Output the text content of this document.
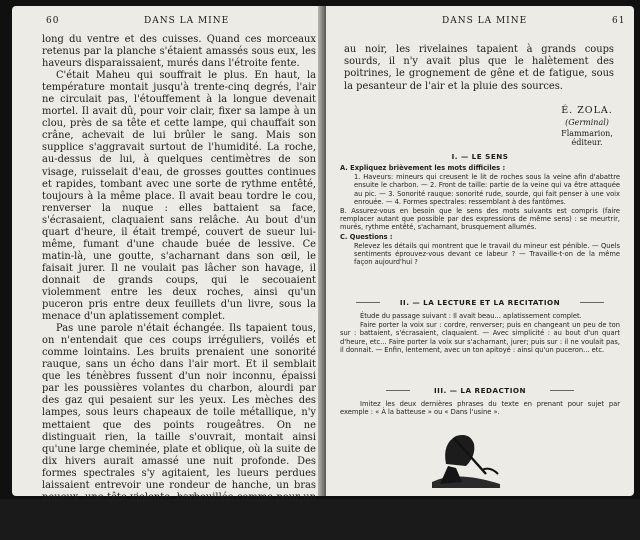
60	DANS LA MINE

long du ventre et des cuisses. Quand ces morceaux retenus par la planche s'étaient amassés sous eux, les haveurs disparaissaient, murés dans l'étroite fente.

C'était Maheu qui souffrait le plus. En haut, la température montait jusqu'à trente-cinq degrés, l'air ne circulait pas, l'étouffement à la longue devenait mortel. Il avait dû, pour voir clair, fixer sa lampe à un clou, près de sa tête et cette lampe, qui chauffait son crâne, achevait de lui brûler le sang. Mais son supplice s'aggravait surtout de l'humidité. La roche, au-dessus de lui, à quelques centimètres de son visage, ruisselait d'eau, de grosses gouttes continues et rapides, tombant avec une sorte de rythme entêté, toujours à la même place. Il avait beau tordre le cou, renverser la nuque : elles battaient sa face, s'écrasaient, claquaient sans relâche. Au bout d'un quart d'heure, il était trempé, couvert de sueur lui-même, fumant d'une chaude buée de lessive. Ce matin-là, une goutte, s'acharnant dans son œil, le faisait jurer. Il ne voulait pas lâcher son havage, il donnait de grands coups, qui le secouaient violemment entre les deux roches, ainsi qu'un puceron pris entre deux feuillets d'un livre, sous la menace d'un aplatissement complet.

Pas une parole n'était échangée. Ils tapaient tous, on n'entendait que ces coups irréguliers, voilés et comme lointains. Les bruits prenaient une sonorité rauque, sans un écho dans l'air mort. Et il semblait que les ténèbres fussent d'un noir inconnu, épaissi par les poussières volantes du charbon, alourdi par des gaz qui pesaient sur les yeux. Les mèches des lampes, sous leurs chapeaux de toile métallique, n'y mettaient que des points rougeâtres. On ne distinguait rien, la taille s'ouvrait, montait ainsi qu'une large cheminée, plate et oblique, où la suite de dix hivers aurait amassé une nuit profonde. Des formes spectrales s'y agitaient, les lueurs perdues laissaient entrevoir une rondeur de hanche, un bras noueux, une tête violente, barbouillée comme pour un crime. Parfois, en se détachant, luisaient des blocs de houille, des pans et des arêtes, brusquement allumés d'un reflet de cristal. Puis, tout retombait

DANS LA MINE	61

au noir, les rivelaines tapaient à grands coups sourds, il n'y avait plus que le halètement des poitrines, le grognement de gêne et de fatigue, sous la pesanteur de l'air et la pluie des sources.

É. ZOLA.
(Germinal)
Flammarion, éditeur.
I. — LE SENS

A. Expliquez brièvement les mots difficiles :

1. Haveurs: mineurs qui creusent le lit de roches sous la veine afin d'abattre ensuite le charbon. — 2. Front de taille: partie de la veine qui va être attaquée au pic. — 3. Sonorité rauque: sonorité rude, sourde, qui fait penser à une voix enrouée. — 4. Formes spectrales: ressemblant à des fantômes.

B. Assurez-vous en besoin que le sens des mots suivants est compris (faire remplacer autant que possible par des expressions de même sens) : se meurtrir, murés, rythme entêté, s'acharnant, brusquement allumés.

C. Questions :

Relevez les détails qui montrent que le travail du mineur est pénible. — Quels sentiments éprouvez-vous devant ce labeur ? — Travaille-t-on de la même façon aujourd'hui ?

II. — LA LECTURE ET LA RECITATION

Étude du passage suivant : Il avait beau... aplatissement complet.

Faire porter la voix sur : cordre, renverser; puis en changeant un peu de ton sur : battaient, s'écrasaient, claquaient. — Avec simplicité : au bout d'un quart d'heure, etc... Faire porter la voix sur s'acharnant, jurer; puis sur : il ne voulait pas, il donnait. — Enfin, lentement, avec un ton apitoyé : ainsi qu'un puceron... etc.

III. — LA REDACTION

Imitez les deux dernières phrases du texte en prenant pour sujet par exemple : « À la batteuse » ou « Dans l'usine ».
